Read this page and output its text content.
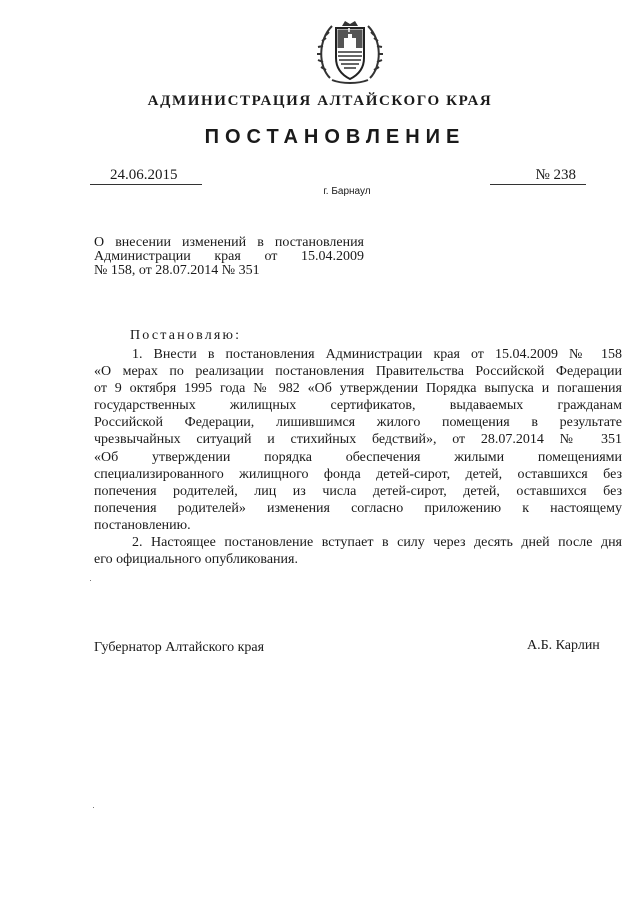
АДМИНИСТРАЦИЯ АЛТАЙСКОГО КРАЯ
ПОСТАНОВЛЕНИЕ
24.06.2015	№ 238
г. Барнаул
О внесении изменений в постановления
Администрации края от 15.04.2009
№ 158, от 28.07.2014 № 351
Постановляю:
1. Внести в постановления Администрации края от 15.04.2009 № 158
«О мерах по реализации постановления Правительства Российской Федерации
от 9 октября 1995 года № 982 «Об утверждении Порядка выпуска и погашения
государственных жилищных сертификатов, выдаваемых гражданам
Российской Федерации, лишившимся жилого помещения в результате
чрезвычайных ситуаций и стихийных бедствий», от 28.07.2014 № 351
«Об утверждении порядка обеспечения жилыми помещениями
специализированного жилищного фонда детей-сирот, детей, оставшихся без
попечения родителей, лиц из числа детей-сирот, детей, оставшихся без
попечения родителей» изменения согласно приложению к настоящему
постановлению.
2. Настоящее постановление вступает в силу через десять дней после дня
его официального опубликования.
Губернатор Алтайского края	А.Б. Карлин
